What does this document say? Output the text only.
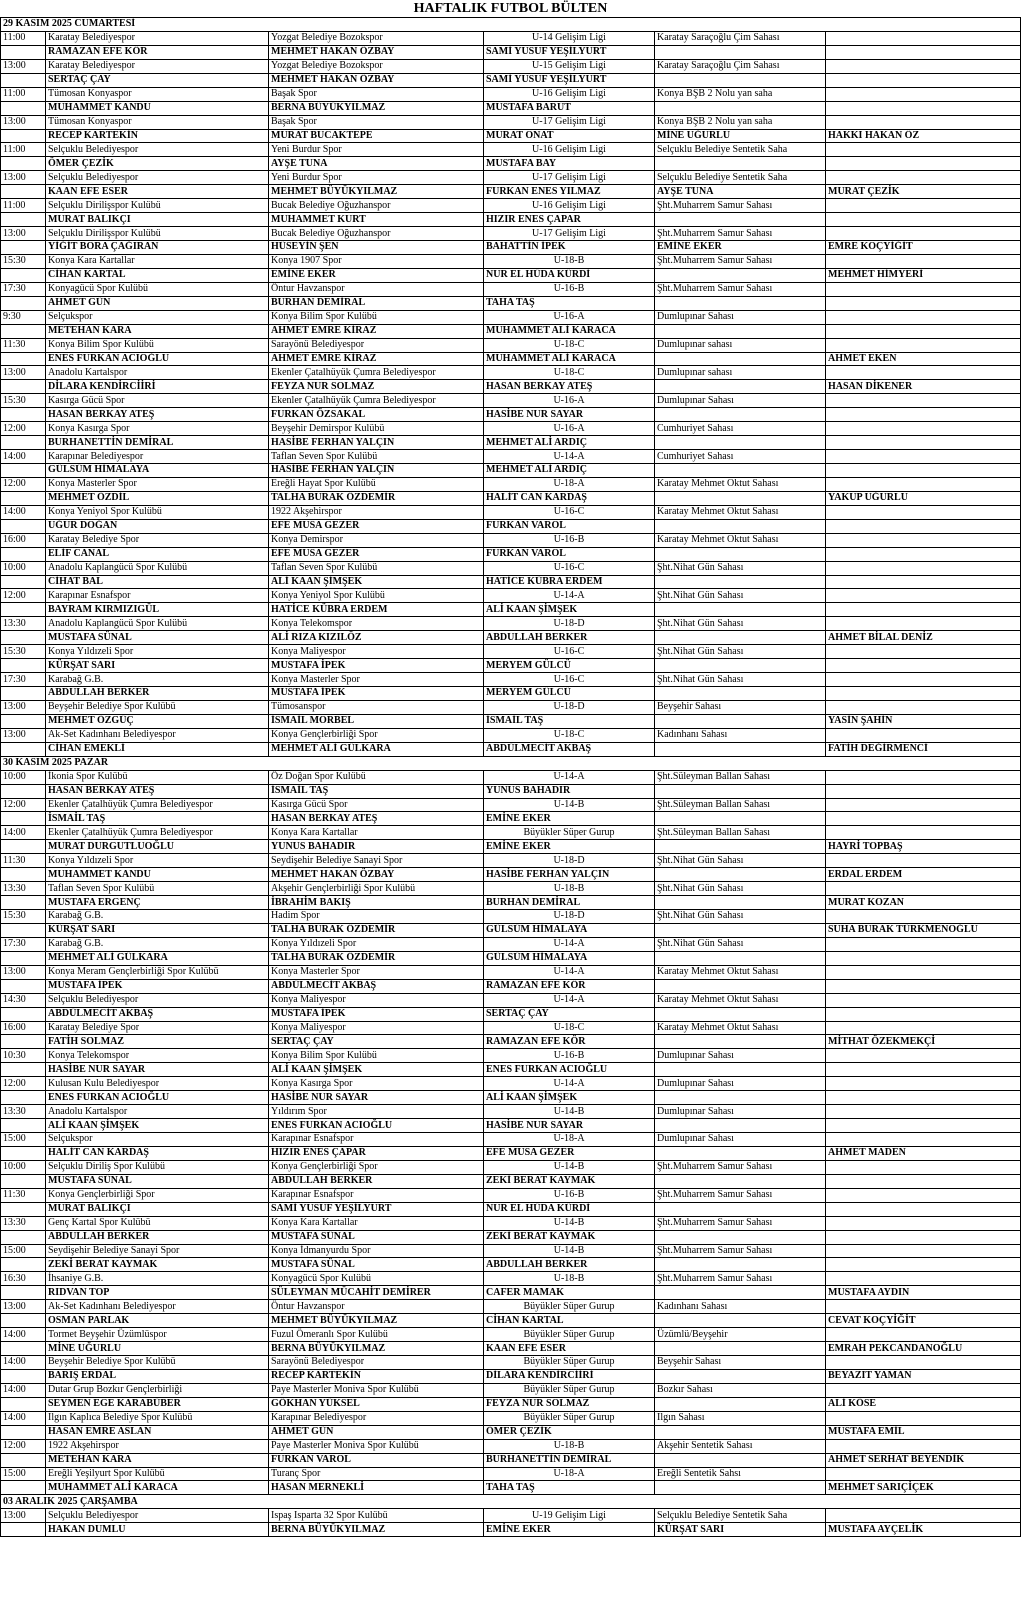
HAFTALIK FUTBOL BÜLTEN
29 KASIM 2025 CUMARTESİ					
11:00	Karatay Belediyespor	Yozgat Belediye Bozokspor	U-14 Gelişim Ligi	Karatay Saraçoğlu Çim Sahası	
	RAMAZAN EFE KÖR	MEHMET HAKAN ÖZBAY	SAMİ YUSUF YEŞİLYURT		
13:00	Karatay Belediyespor	Yozgat Belediye Bozokspor	U-15 Gelişim Ligi	Karatay Saraçoğlu Çim Sahası	
	SERTAÇ ÇAY	MEHMET HAKAN ÖZBAY	SAMİ YUSUF YEŞİLYURT		
11:00	Tümosan Konyaspor	Başak Spor	U-16 Gelişim Ligi	Konya BŞB 2 Nolu yan saha	
	MUHAMMET KANDU	BERNA BÜYÜKYILMAZ	MUSTAFA BARUT		
13:00	Tümosan Konyaspor	Başak Spor	U-17 Gelişim Ligi	Konya BŞB 2 Nolu yan saha	
	RECEP KARTEKİN	MURAT BUCAKTEPE	MURAT ONAT	MİNE UĞURLU	HAKKI HAKAN ÖZ
11:00	Selçuklu Belediyespor	Yeni Burdur Spor	U-16 Gelişim Ligi	Selçuklu Belediye Sentetik Saha	
	ÖMER ÇEZİK	AYŞE TUNA	MUSTAFA BAY		
13:00	Selçuklu Belediyespor	Yeni Burdur Spor	U-17 Gelişim Ligi	Selçuklu Belediye Sentetik Saha	
	KAAN EFE ESER	MEHMET BÜYÜKYILMAZ	FURKAN ENES YILMAZ	AYŞE TUNA	MURAT ÇEZİK
11:00	Selçuklu Dirilişspor Kulübü	Bucak Belediye Oğuzhanspor	U-16 Gelişim Ligi	Şht.Muharrem Samur Sahası	
	MURAT BALIKÇI	MUHAMMET KURT	HIZIR ENES ÇAPAR		
13:00	Selçuklu Dirilişspor Kulübü	Bucak Belediye Oğuzhanspor	U-17 Gelişim Ligi	Şht.Muharrem Samur Sahası	
	YİĞİT BORA ÇAĞIRAN	HÜSEYİN ŞEN	BAHATTİN İPEK	EMİNE EKER	EMRE KOÇYİĞİT
15:30	Konya Kara Kartallar	Konya 1907 Spor	U-18-B	Şht.Muharrem Samur Sahası	
	CİHAN KARTAL	EMİNE EKER	NUR EL HÜDA KÜRDİ		MEHMET HİMYERİ
17:30	Konyagücü Spor Kulübü	Öntur Havzanspor	U-16-B	Şht.Muharrem Samur Sahası	
	AHMET GÜN	BURHAN DEMİRAL	TAHA TAŞ		
9:30	Selçukspor	Konya Bilim Spor Kulübü	U-16-A	Dumlupınar Sahası	
	METEHAN KARA	AHMET EMRE KİRAZ	MUHAMMET ALİ KARACA		
11:30	Konya Bilim Spor Kulübü	Sarayönü Belediyespor	U-18-C	Dumlupınar sahası	
	ENES FURKAN ACIOĞLU	AHMET EMRE KİRAZ	MUHAMMET ALİ KARACA		AHMET EKEN
13:00	Anadolu Kartalspor	Ekenler Çatalhüyük Çumra Belediyespor	U-18-C	Dumlupınar sahası	
	DİLARA KENDİRCİİRİ	FEYZA NUR SOLMAZ	HASAN BERKAY ATEŞ		HASAN DİKENER
15:30	Kasırga Gücü Spor	Ekenler Çatalhüyük Çumra Belediyespor	U-16-A	Dumlupınar Sahası	
	HASAN BERKAY ATEŞ	FURKAN ÖZSAKAL	HASİBE NUR SAYAR		
12:00	Konya Kasırga Spor	Beyşehir Demirspor Kulübü	U-16-A	Cumhuriyet Sahası	
	BURHANETTİN DEMİRAL	HASİBE FERHAN YALÇIN	MEHMET ALİ ARDIÇ		
14:00	Karapınar Belediyespor	Taflan Seven Spor Kulübü	U-14-A	Cumhuriyet Sahası	
	GÜLSÜM HİMALAYA	HASİBE FERHAN YALÇIN	MEHMET ALİ ARDIÇ		
12:00	Konya Masterler Spor	Ereğli Hayat Spor Kulübü	U-18-A	Karatay Mehmet Oktut Sahası	
	MEHMET ÖZDİL	TALHA BURAK ÖZDEMİR	HALİT CAN KARDAŞ		YAKUP UĞURLU
14:00	Konya Yeniyol Spor Kulübü	1922 Akşehirspor	U-16-C	Karatay Mehmet Oktut Sahası	
	UĞUR DOĞAN	EFE MUSA GEZER	FURKAN VAROL		
16:00	Karatay Belediye Spor	Konya Demirspor	U-16-B	Karatay Mehmet Oktut Sahası	
	ELİF CANAL	EFE MUSA GEZER	FURKAN VAROL		
10:00	Anadolu Kaplangücü Spor Kulübü	Taflan Seven Spor Kulübü	U-16-C	Şht.Nihat Gün Sahası	
	CİHAT BAL	ALİ KAAN ŞİMŞEK	HATİCE KÜBRA ERDEM		
12:00	Karapınar Esnafspor	Konya Yeniyol Spor Kulübü	U-14-A	Şht.Nihat Gün Sahası	
	BAYRAM KIRMIZIGÜL	HATİCE KÜBRA ERDEM	ALİ KAAN ŞİMŞEK		
13:30	Anadolu Kaplangücü Spor Kulübü	Konya Telekomspor	U-18-D	Şht.Nihat Gün Sahası	
	MUSTAFA SÜNAL	ALİ RIZA KIZILÖZ	ABDULLAH BERKER		AHMET BİLAL DENİZ
15:30	Konya Yıldızeli Spor	Konya Maliyespor	U-16-C	Şht.Nihat Gün Sahası	
	KÜRŞAT SARI	MUSTAFA İPEK	MERYEM GÜLCÜ		
17:30	Karabağ G.B.	Konya Masterler Spor	U-16-C	Şht.Nihat Gün Sahası	
	ABDULLAH BERKER	MUSTAFA İPEK	MERYEM GÜLCÜ		
13:00	Beyşehir Belediye Spor Kulübü	Tümosanspor	U-18-D	Beyşehir Sahası	
	MEHMET ÖZGÜÇ	İSMAİL MORBEL	İSMAİL TAŞ		YASİN ŞAHİN
13:00	Ak-Set Kadınhanı Belediyespor	Konya Gençlerbirliği Spor	U-18-C	Kadınhanı Sahası	
	CİHAN EMEKLİ	MEHMET ALİ GÜLKARA	ABDÜLMECİT AKBAŞ		FATİH DEĞİRMENCİ
30 KASIM 2025 PAZAR					
10:00	İkonia Spor Kulübü	Öz Doğan Spor Kulübü	U-14-A	Şht.Süleyman Ballan Sahası	
	HASAN BERKAY ATEŞ	İSMAİL TAŞ	YUNUS BAHADIR		
12:00	Ekenler Çatalhüyük Çumra Belediyespor	Kasırga Gücü Spor	U-14-B	Şht.Süleyman Ballan Sahası	
	İSMAİL TAŞ	HASAN BERKAY ATEŞ	EMİNE EKER		
14:00	Ekenler Çatalhüyük Çumra Belediyespor	Konya Kara Kartallar	Büyükler Süper Gurup	Şht.Süleyman Ballan Sahası	
	MURAT DURGUTLUOĞLU	YUNUS BAHADIR	EMİNE EKER		HAYRİ TOPBAŞ
11:30	Konya Yıldızeli Spor	Seydişehir Belediye Sanayi Spor	U-18-D	Şht.Nihat Gün Sahası	
	MUHAMMET KANDU	MEHMET HAKAN ÖZBAY	HASİBE FERHAN YALÇIN		ERDAL ERDEM
13:30	Taflan Seven Spor Kulübü	Akşehir Gençlerbirliği Spor Kulübü	U-18-B	Şht.Nihat Gün Sahası	
	MUSTAFA ERGENÇ	İBRAHİM BAKIŞ	BURHAN DEMİRAL		MURAT KOZAN
15:30	Karabağ G.B.	Hadim Spor	U-18-D	Şht.Nihat Gün Sahası	
	KÜRŞAT SARI	TALHA BURAK ÖZDEMİR	GÜLSÜM HİMALAYA		SUHA BURAK TÜRKMENOĞLU
17:30	Karabağ G.B.	Konya Yıldızeli Spor	U-14-A	Şht.Nihat Gün Sahası	
	MEHMET ALİ GÜLKARA	TALHA BURAK ÖZDEMİR	GÜLSÜM HİMALAYA		
13:00	Konya Meram Gençlerbirliği Spor Kulübü	Konya Masterler Spor	U-14-A	Karatay Mehmet Oktut Sahası	
	MUSTAFA İPEK	ABDÜLMECİT AKBAŞ	RAMAZAN EFE KÖR		
14:30	Selçuklu Belediyespor	Konya Maliyespor	U-14-A	Karatay Mehmet Oktut Sahası	
	ABDÜLMECİT AKBAŞ	MUSTAFA İPEK	SERTAÇ ÇAY		
16:00	Karatay Belediye Spor	Konya Maliyespor	U-18-C	Karatay Mehmet Oktut Sahası	
	FATİH SOLMAZ	SERTAÇ ÇAY	RAMAZAN EFE KÖR		MİTHAT ÖZEKMEKÇİ
10:30	Konya Telekomspor	Konya Bilim Spor Kulübü	U-16-B	Dumlupınar Sahası	
	HASİBE NUR SAYAR	ALİ KAAN ŞİMŞEK	ENES FURKAN ACIOĞLU		
12:00	Kulusan Kulu Belediyespor	Konya Kasırga Spor	U-14-A	Dumlupınar Sahası	
	ENES FURKAN ACIOĞLU	HASİBE NUR SAYAR	ALİ KAAN ŞİMŞEK		
13:30	Anadolu Kartalspor	Yıldırım Spor	U-14-B	Dumlupınar Sahası	
	ALİ KAAN ŞİMŞEK	ENES FURKAN ACIOĞLU	HASİBE NUR SAYAR		
15:00	Selçukspor	Karapınar Esnafspor	U-18-A	Dumlupınar Sahası	
	HALİT CAN KARDAŞ	HIZIR ENES ÇAPAR	EFE MUSA GEZER		AHMET MADEN
10:00	Selçuklu Diriliş Spor Kulübü	Konya Gençlerbirliği Spor	U-14-B	Şht.Muharrem Samur Sahası	
	MUSTAFA SÜNAL	ABDULLAH BERKER	ZEKİ BERAT KAYMAK		
11:30	Konya Gençlerbirliği Spor	Karapınar Esnafspor	U-16-B	Şht.Muharrem Samur Sahası	
	MURAT BALIKÇI	SAMİ YUSUF YEŞİLYURT	NUR EL HÜDA KÜRDİ		
13:30	Genç Kartal Spor Kulübü	Konya Kara Kartallar	U-14-B	Şht.Muharrem Samur Sahası	
	ABDULLAH BERKER	MUSTAFA SÜNAL	ZEKİ BERAT KAYMAK		
15:00	Seydişehir Belediye Sanayi Spor	Konya İdmanyurdu Spor	U-14-B	Şht.Muharrem Samur Sahası	
	ZEKİ BERAT KAYMAK	MUSTAFA SÜNAL	ABDULLAH BERKER		
16:30	İhsaniye G.B.	Konyagücü Spor Kulübü	U-18-B	Şht.Muharrem Samur Sahası	
	RIDVAN TOP	SÜLEYMAN MÜCAHİT DEMİRER	CAFER MAMAK		MUSTAFA AYDIN
13:00	Ak-Set Kadınhanı Belediyespor	Öntur Havzanspor	Büyükler Süper Gurup	Kadınhanı Sahası	
	OSMAN PARLAK	MEHMET BÜYÜKYILMAZ	CİHAN KARTAL		CEVAT KOÇYİĞİT
14:00	Tormet Beyşehir Üzümlüspor	Fuzul Ömeranlı Spor Kulübü	Büyükler Süper Gurup	Üzümlü/Beyşehir	
	MİNE UĞURLU	BERNA BÜYÜKYILMAZ	KAAN EFE ESER		EMRAH PEKCANDANOĞLU
14:00	Beyşehir Belediye Spor Kulübü	Sarayönü Belediyespor	Büyükler Süper Gurup	Beyşehir Sahası	
	BARIŞ ERDAL	RECEP KARTEKİN	DİLARA KENDİRCİİRİ		BEYAZIT YAMAN
14:00	Dutar Grup Bozkır Gençlerbirliği	Paye Masterler Moniva Spor Kulübü	Büyükler Süper Gurup	Bozkır Sahası	
	SEYMEN EGE KARABÜBER	GÖKHAN YÜKSEL	FEYZA NUR SOLMAZ		ALİ KÖSE
14:00	Ilgın Kaplıca Belediye Spor Kulübü	Karapınar Belediyespor	Büyükler Süper Gurup	Ilgın Sahası	
	HASAN EMRE ASLAN	AHMET GÜN	ÖMER ÇEZİK		MUSTAFA EMİL
12:00	1922 Akşehirspor	Paye Masterler Moniva Spor Kulübü	U-18-B	Akşehir Sentetik Sahası	
	METEHAN KARA	FURKAN VAROL	BURHANETTİN DEMİRAL		AHMET SERHAT BEYENDİK
15:00	Ereğli Yeşilyurt Spor Kulübü	Turanç Spor	U-18-A	Ereğli Sentetik Sahsı	
	MUHAMMET ALİ KARACA	HASAN MERNEKLİ	TAHA TAŞ		MEHMET SARIÇİÇEK
03 ARALIK 2025 ÇARŞAMBA					
13:00	Selçuklu Belediyespor	Ispaş Isparta 32 Spor Kulübü	U-19 Gelişim Ligi	Selçuklu Belediye Sentetik Saha	
	HAKAN DUMLU	BERNA BÜYÜKYILMAZ	EMİNE EKER	KÜRŞAT SARI	MUSTAFA AYÇELİK
